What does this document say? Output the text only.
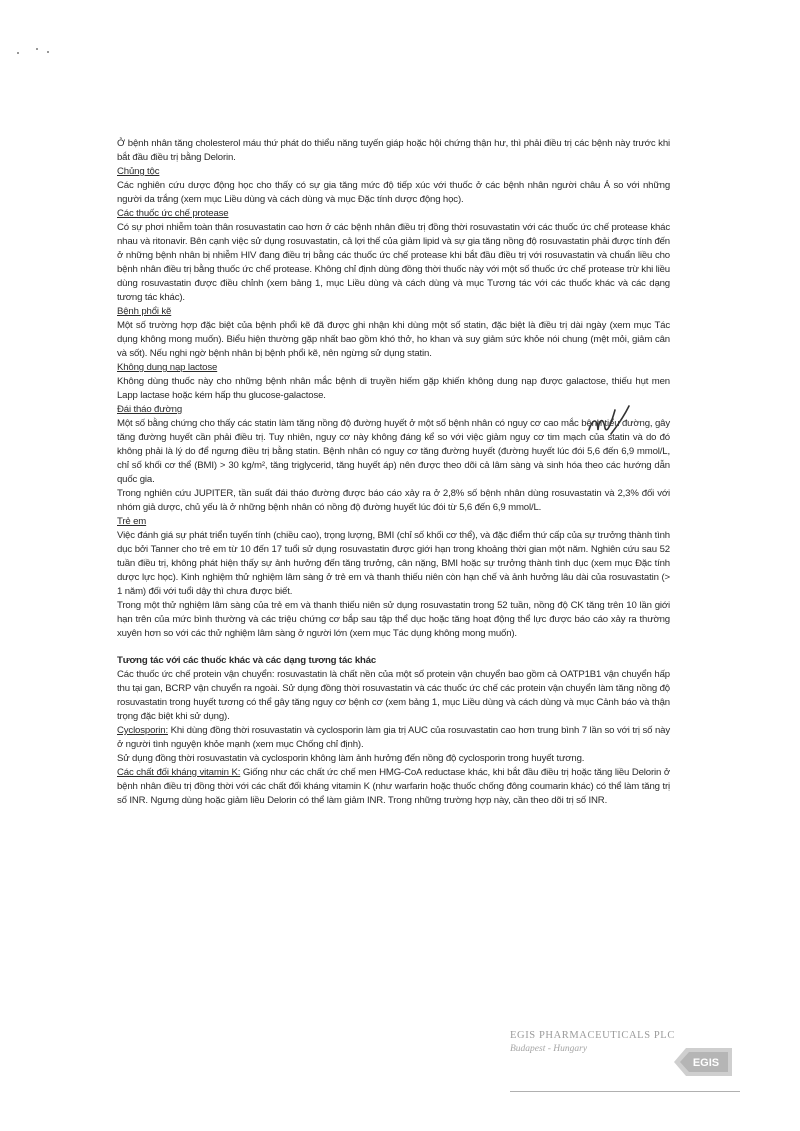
Ở bệnh nhân tăng cholesterol máu thứ phát do thiểu năng tuyến giáp hoặc hội chứng thận hư, thì phải điều trị các bệnh này trước khi bắt đầu điều trị bằng Delorin.

Chủng tộc

Các nghiên cứu dược động học cho thấy có sự gia tăng mức độ tiếp xúc với thuốc ở các bệnh nhân người châu Á so với những người da trắng (xem mục Liều dùng và cách dùng và mục Đặc tính dược động học).

Các thuốc ức chế protease

Có sự phơi nhiễm toàn thân rosuvastatin cao hơn ở các bệnh nhân điều trị đồng thời rosuvastatin với các thuốc ức chế protease khác nhau và ritonavir. Bên cạnh việc sử dụng rosuvastatin, cả lợi thế của giảm lipid và sự gia tăng nồng độ rosuvastatin phải được tính đến ở những bệnh nhân bị nhiễm HIV đang điều trị bằng các thuốc ức chế protease khi bắt đầu điều trị với rosuvastatin và chuẩn liều cho bệnh nhân điều trị bằng thuốc ức chế protease. Không chỉ định dùng đồng thời thuốc này với một số thuốc ức chế protease trừ khi liều dùng rosuvastatin được điều chỉnh (xem bảng 1, mục Liều dùng và cách dùng và mục Tương tác với các thuốc khác và các dạng tương tác khác).

Bệnh phổi kẽ

Một số trường hợp đặc biệt của bệnh phổi kẽ đã được ghi nhận khi dùng một số statin, đặc biệt là điều trị dài ngày (xem mục Tác dụng không mong muốn). Biểu hiện thường gặp nhất bao gồm khó thở, ho khan và suy giảm sức khỏe nói chung (mệt mỏi, giảm cân và sốt). Nếu nghi ngờ bệnh nhân bị bệnh phổi kẽ, nên ngừng sử dụng statin.

Không dung nạp lactose

Không dùng thuốc này cho những bệnh nhân mắc bệnh di truyền hiếm gặp khiến không dung nạp được galactose, thiếu hụt men Lapp lactase hoặc kém hấp thu glucose-galactose.

Đái tháo đường

Một số bằng chứng cho thấy các statin làm tăng nồng độ đường huyết ở một số bệnh nhân có nguy cơ cao mắc bệnh tiểu đường, gây tăng đường huyết cần phải điều trị. Tuy nhiên, nguy cơ này không đáng kể so với việc giảm nguy cơ tim mạch của statin và do đó không phải là lý do để ngưng điều trị bằng statin. Bệnh nhân có nguy cơ tăng đường huyết (đường huyết lúc đói 5,6 đến 6,9 mmol/L, chỉ số khối cơ thể (BMI) > 30 kg/m², tăng triglycerid, tăng huyết áp) nên được theo dõi cả lâm sàng và sinh hóa theo các hướng dẫn quốc gia.

Trong nghiên cứu JUPITER, tần suất đái tháo đường được báo cáo xảy ra ở 2,8% số bệnh nhân dùng rosuvastatin và 2,3% đối với nhóm giả dược, chủ yếu là ở những bệnh nhân có nồng độ đường huyết lúc đói từ 5,6 đến 6,9 mmol/L.

Trẻ em

Việc đánh giá sự phát triển tuyến tính (chiều cao), trọng lượng, BMI (chỉ số khối cơ thể), và đặc điểm thứ cấp của sự trưởng thành tình dục bởi Tanner cho trẻ em từ 10 đến 17 tuổi sử dụng rosuvastatin được giới hạn trong khoảng thời gian một năm. Nghiên cứu sau 52 tuần điều trị, không phát hiện thấy sự ảnh hưởng đến tăng trưởng, cân nặng, BMI hoặc sự trưởng thành tình dục (xem mục Đặc tính dược lực học). Kinh nghiệm thử nghiệm lâm sàng ở trẻ em và thanh thiếu niên còn hạn chế và ảnh hưởng lâu dài của rosuvastatin (> 1 năm) đối với tuổi dậy thì chưa được biết.

Trong một thử nghiệm lâm sàng của trẻ em và thanh thiếu niên sử dụng rosuvastatin trong 52 tuần, nồng độ CK tăng trên 10 lần giới hạn trên của mức bình thường và các triệu chứng cơ bắp sau tập thể dục hoặc tăng hoạt động thể lực được báo cáo xảy ra thường xuyên hơn so với các thử nghiệm lâm sàng ở người lớn (xem mục Tác dụng không mong muốn).

Tương tác với các thuốc khác và các dạng tương tác khác

Các thuốc ức chế protein vận chuyển: rosuvastatin là chất nền của một số protein vận chuyển bao gồm cả OATP1B1 vận chuyển hấp thu tại gan, BCRP vận chuyển ra ngoài. Sử dụng đồng thời rosuvastatin và các thuốc ức chế các protein vận chuyển làm tăng nồng độ rosuvastatin trong huyết tương có thể gây tăng nguy cơ bệnh cơ (xem bảng 1, mục Liều dùng và cách dùng và mục Cảnh báo và thận trọng đặc biệt khi sử dụng).

Cyclosporin: Khi dùng đồng thời rosuvastatin và cyclosporin làm gia trị AUC của rosuvastatin cao hơn trung bình 7 lần so với trị số này ở người tình nguyện khỏe mạnh (xem mục Chống chỉ định).

Sử dụng đồng thời rosuvastatin và cyclosporin không làm ảnh hưởng đến nồng độ cyclosporin trong huyết tương.

Các chất đối kháng vitamin K: Giống như các chất ức chế men HMG-CoA reductase khác, khi bắt đầu điều trị hoặc tăng liều Delorin ở bệnh nhân điều trị đồng thời với các chất đối kháng vitamin K (như warfarin hoặc thuốc chống đông coumarin khác) có thể làm tăng trị số INR. Ngưng dùng hoặc giảm liều Delorin có thể làm giảm INR. Trong những trường hợp này, cần theo dõi trị số INR.

EGIS PHARMACEUTICALS PLC
Budapest - Hungary
EGIS
